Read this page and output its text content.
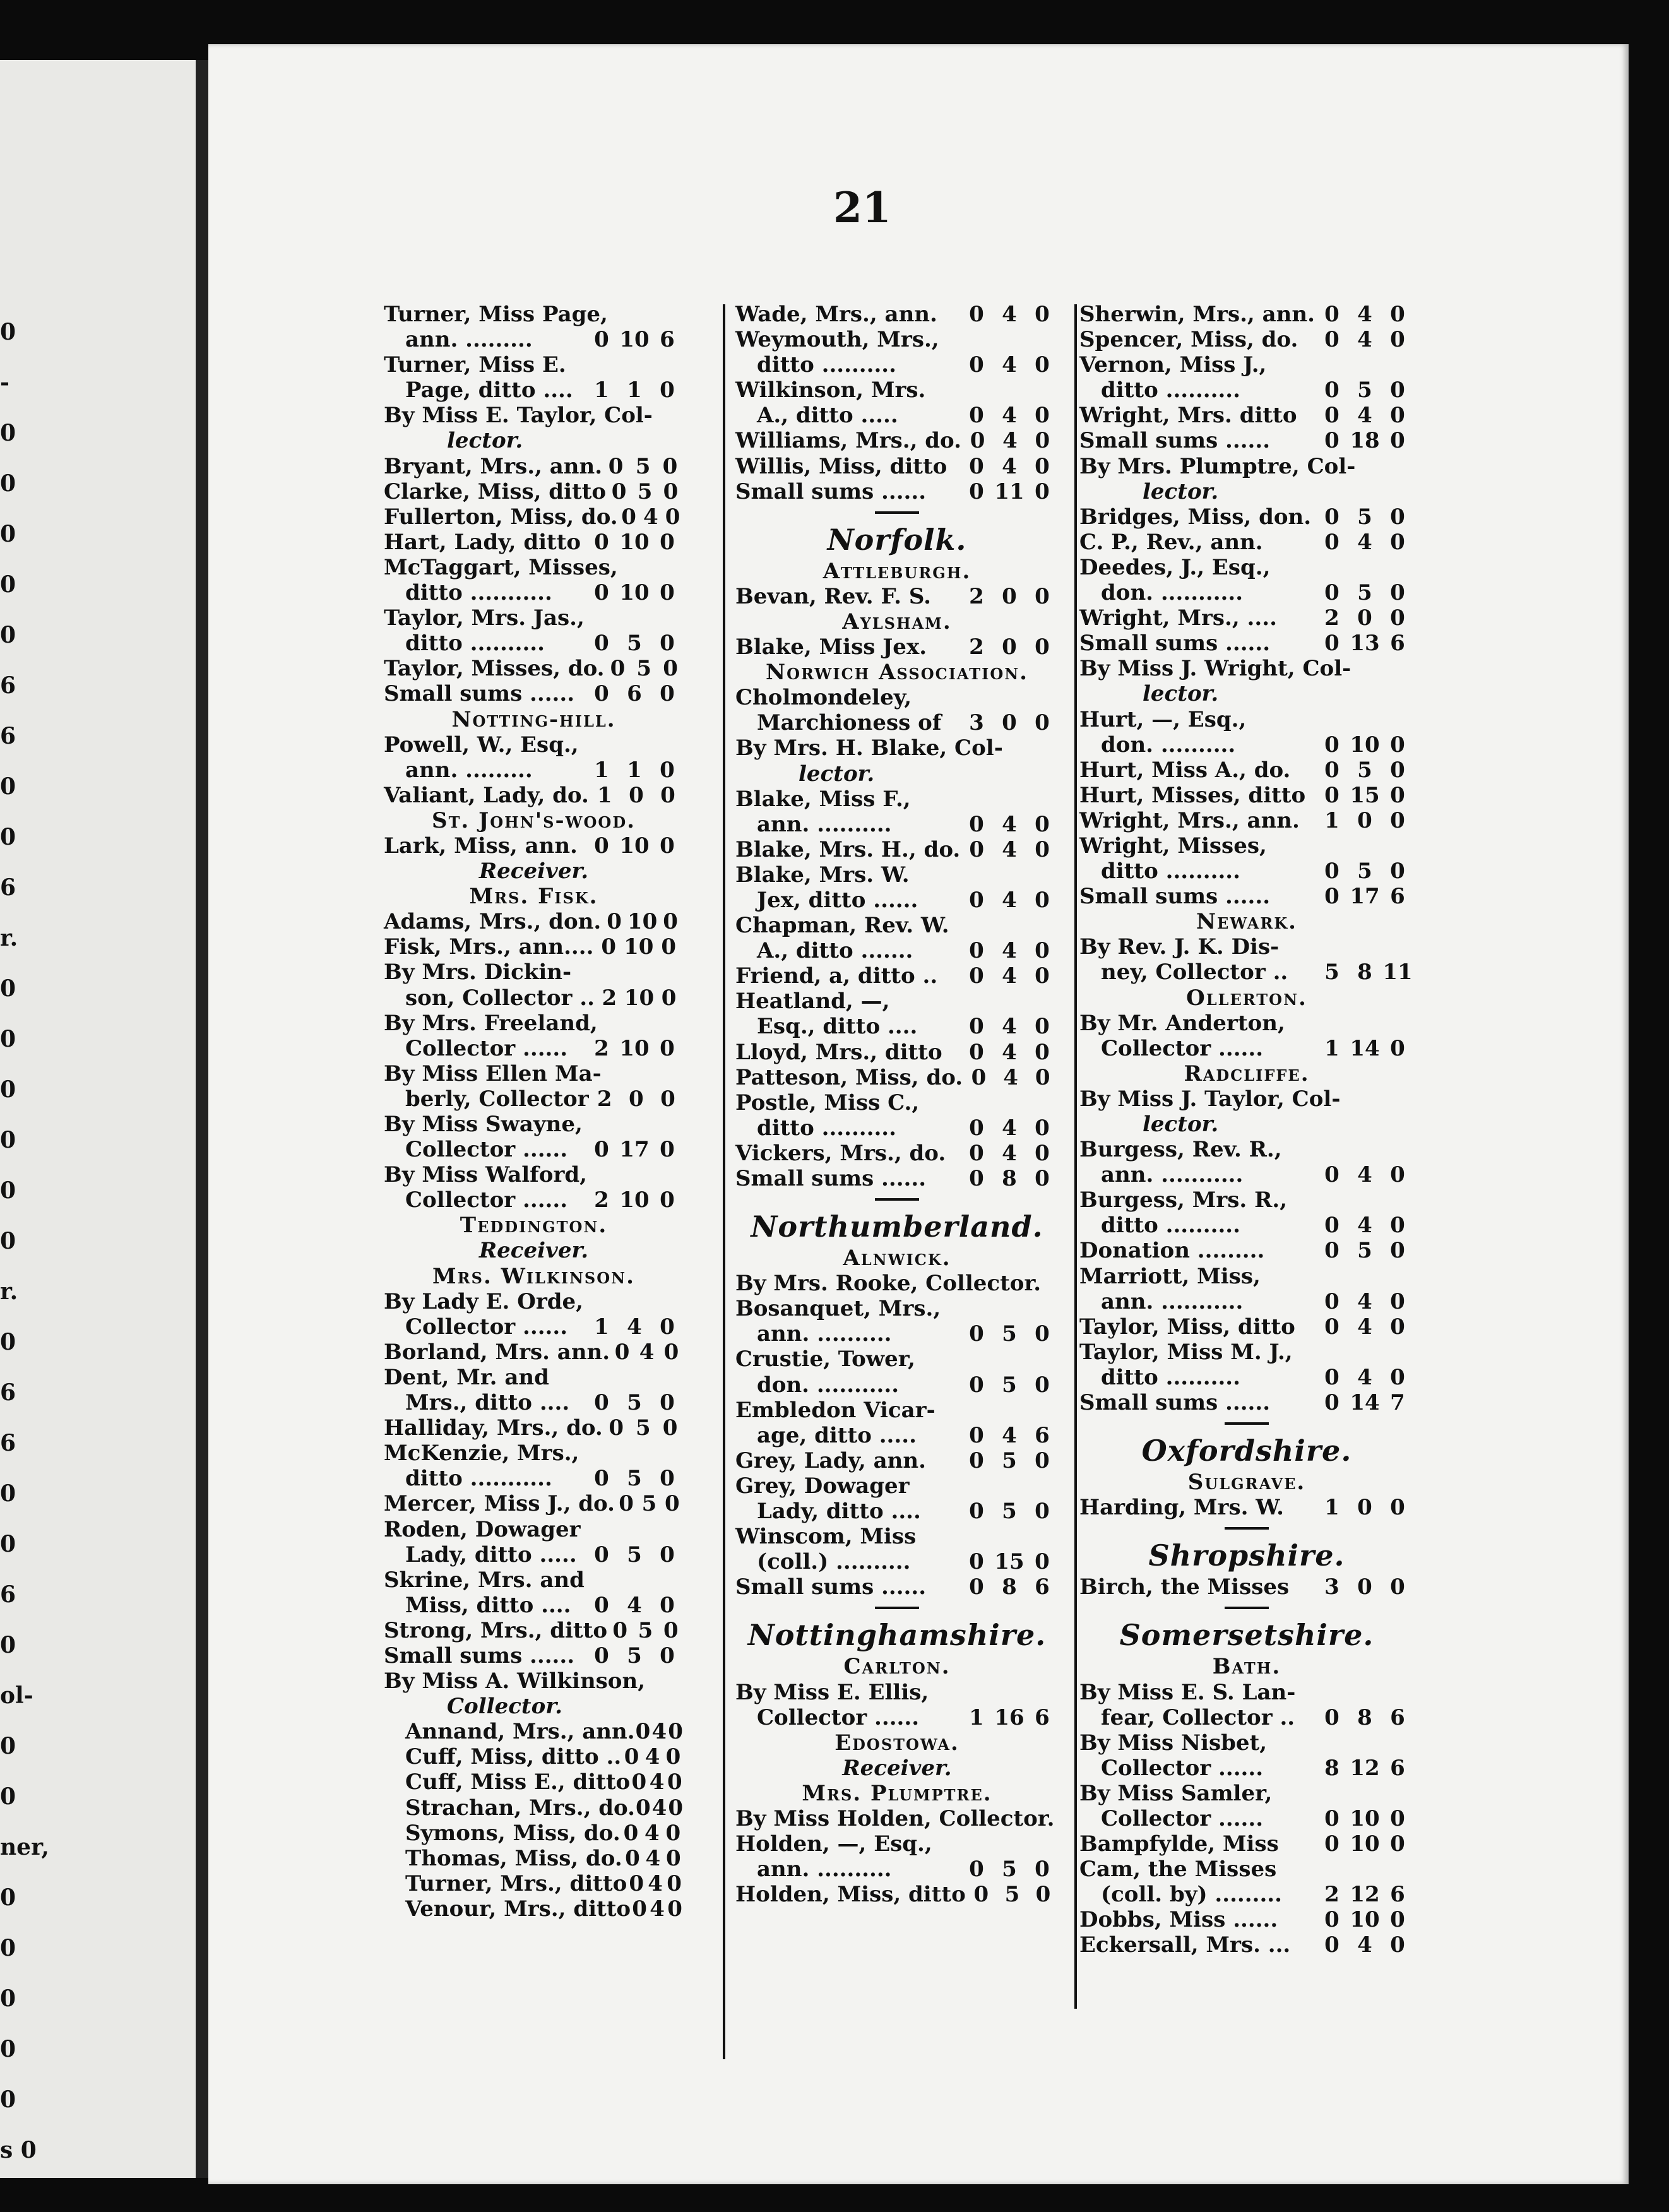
0
-
0
0
0
0
0
6
6
0
0
6
r.
0
0
0
0
0
0
r.
0
6
6
0
0
6
0
ol-
0
0
ner,
0
0
0
0
0
s 0
21
Turner, Miss Page,
ann. .........	0 10 6
Turner, Miss E.
Page, ditto .... 1 1 0
By Miss E. Taylor, Col-
lector.
Bryant, Mrs., ann. 0 5 0
Clarke, Miss, ditto 0 5 0
Fullerton, Miss, do. 0 4 0
Hart, Lady, ditto 0 10 0
McTaggart, Misses,
ditto ...........	0 10 0
Taylor, Mrs. Jas.,
ditto ..........	0 5 0
Taylor, Misses, do. 0 5 0
Small sums ...... 0 6 0
Notting-hill.
Powell, W., Esq.,
ann. .........	1 1 0
Valiant, Lady, do. 1 0 0
St. John's-wood.
Lark, Miss, ann. 0 10 0
Receiver.
Mrs. Fisk.
Adams, Mrs., don. 0 10 0
Fisk, Mrs., ann.... 0 10 0
By Mrs. Dickin-
son, Collector .. 2 10 0
By Mrs. Freeland,
Collector ......	2 10 0
By Miss Ellen Ma-
berly, Collector 2 0 0
By Miss Swayne,
Collector ......	0 17 0
By Miss Walford,
Collector ......	2 10 0
Teddington.
Receiver.
Mrs. Wilkinson.
By Lady E. Orde,
Collector ......	1 4 0
Borland, Mrs. ann. 0 4 0
Dent, Mr. and
Mrs., ditto ....	0 5 0
Halliday, Mrs., do. 0 5 0
McKenzie, Mrs.,
ditto ...........	0 5 0
Mercer, Miss J., do. 0 5 0
Roden, Dowager
Lady, ditto ..... 0 5 0
Skrine, Mrs. and
Miss, ditto ....	0 4 0
Strong, Mrs., ditto 0 5 0
Small sums ...... 0 5 0
By Miss A. Wilkinson,
Collector.
Annand, Mrs., ann. 0 4 0
Cuff, Miss, ditto .. 0 4 0
Cuff, Miss E., ditto 0 4 0
Strachan, Mrs., do. 0 4 0
Symons, Miss, do. 0 4 0
Thomas, Miss, do. 0 4 0
Turner, Mrs., ditto 0 4 0
Venour, Mrs., ditto 0 4 0
Wade, Mrs., ann.	0 4 0
Weymouth, Mrs.,
ditto ..........	0 4 0
Wilkinson, Mrs.
A., ditto .....	0 4 0
Williams, Mrs., do. 0 4 0
Willis, Miss, ditto	0 4 0
Small sums ......	0 11 0
Norfolk.
Attleburgh.
Bevan, Rev. F. S.	2 0 0
Aylsham.
Blake, Miss Jex.	2 0 0
Norwich Association.
Cholmondeley,
Marchioness of	3 0 0
By Mrs. H. Blake, Col-
lector.
Blake, Miss F.,
ann. ..........	0 4 0
Blake, Mrs. H., do. 0 4 0
Blake, Mrs. W.
Jex, ditto ......	0 4 0
Chapman, Rev. W.
A., ditto .......	0 4 0
Friend, a, ditto ..	0 4 0
Heatland, —,
Esq., ditto ....	0 4 0
Lloyd, Mrs., ditto	0 4 0
Patteson, Miss, do. 0 4 0
Postle, Miss C.,
ditto ..........	0 4 0
Vickers, Mrs., do.	0 4 0
Small sums ......	0 8 0
Northumberland.
Alnwick.
By Mrs. Rooke, Collector.
Bosanquet, Mrs.,
ann. ..........	0 5 0
Crustie, Tower,
don. ...........	0 5 0
Embledon Vicar-
age, ditto .....	0 4 6
Grey, Lady, ann.	0 5 0
Grey, Dowager
Lady, ditto ....	0 5 0
Winscom, Miss
(coll.) ..........	0 15 0
Small sums ......	0 8 6
Nottinghamshire.
Carlton.
By Miss E. Ellis,
Collector ......	1 16 6
Edostowa.
Receiver.
Mrs. Plumptre.
By Miss Holden, Collector.
Holden, —, Esq.,
ann. ..........	0 5 0
Holden, Miss, ditto 0 5 0
Sherwin, Mrs., ann. 0 4 0
Spencer, Miss, do.	0 4 0
Vernon, Miss J.,
ditto ..........	0 5 0
Wright, Mrs. ditto	0 4 0
Small sums ......	0 18 0
By Mrs. Plumptre, Col-
lector.
Bridges, Miss, don. 0 5 0
C. P., Rev., ann.	0 4 0
Deedes, J., Esq.,
don. ...........	0 5 0
Wright, Mrs., ....	2 0 0
Small sums ......	0 13 6
By Miss J. Wright, Col-
lector.
Hurt, —, Esq.,
don. ..........	0 10 0
Hurt, Miss A., do.	0 5 0
Hurt, Misses, ditto 0 15 0
Wright, Mrs., ann.	1 0 0
Wright, Misses,
ditto ..........	0 5 0
Small sums ......	0 17 6
Newark.
By Rev. J. K. Dis-
ney, Collector ..	5 8 11
Ollerton.
By Mr. Anderton,
Collector ......	1 14 0
Radcliffe.
By Miss J. Taylor, Col-
lector.
Burgess, Rev. R.,
ann. ...........	0 4 0
Burgess, Mrs. R.,
ditto ..........	0 4 0
Donation .........	0 5 0
Marriott, Miss,
ann. ...........	0 4 0
Taylor, Miss, ditto	0 4 0
Taylor, Miss M. J.,
ditto ..........	0 4 0
Small sums ......	0 14 7
Oxfordshire.
Sulgrave.
Harding, Mrs. W.	1 0 0
Shropshire.
Birch, the Misses	3 0 0
Somersetshire.
Bath.
By Miss E. S. Lan-
fear, Collector ..	0 8 6
By Miss Nisbet,
Collector ......	8 12 6
By Miss Samler,
Collector ......	0 10 0
Bampfylde, Miss	0 10 0
Cam, the Misses
(coll. by) .........	2 12 6
Dobbs, Miss ......	0 10 0
Eckersall, Mrs. ...	0 4 0
